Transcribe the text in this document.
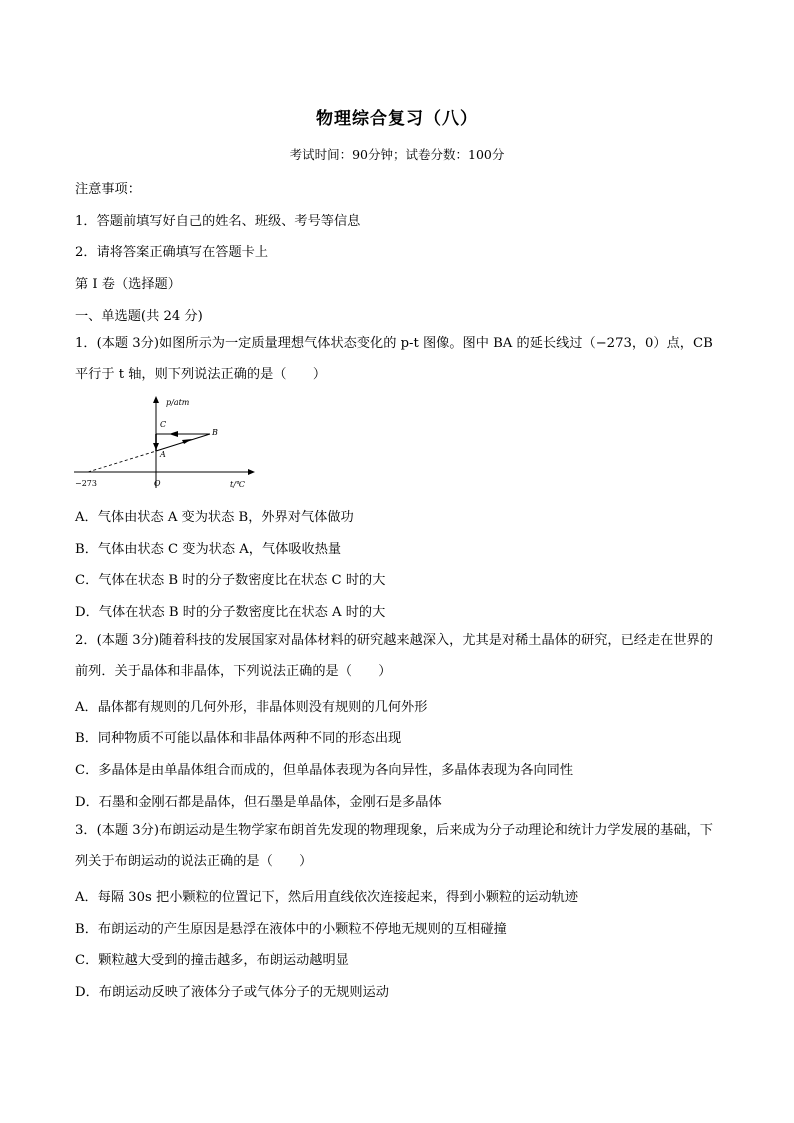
物理综合复习（八）
考试时间：90分钟；试卷分数：100分
注意事项：
1．答题前填写好自己的姓名、班级、考号等信息
2．请将答案正确填写在答题卡上
第 I 卷（选择题）
一、单选题(共 24 分)
1．(本题 3分)如图所示为一定质量理想气体状态变化的 p-t 图像。图中 BA 的延长线过（−273，0）点，CB 平行于 t 轴，则下列说法正确的是（　　）
p/atm
C
B
A
−273	O	t/℃
A．气体由状态 A 变为状态 B，外界对气体做功
B．气体由状态 C 变为状态 A，气体吸收热量
C．气体在状态 B 时的分子数密度比在状态 C 时的大
D．气体在状态 B 时的分子数密度比在状态 A 时的大
2．(本题 3分)随着科技的发展国家对晶体材料的研究越来越深入，尤其是对稀土晶体的研究，已经走在世界的前列．关于晶体和非晶体，下列说法正确的是（　　）
A．晶体都有规则的几何外形，非晶体则没有规则的几何外形
B．同种物质不可能以晶体和非晶体两种不同的形态出现
C．多晶体是由单晶体组合而成的，但单晶体表现为各向异性，多晶体表现为各向同性
D．石墨和金刚石都是晶体，但石墨是单晶体，金刚石是多晶体
3．(本题 3分)布朗运动是生物学家布朗首先发现的物理现象，后来成为分子动理论和统计力学发展的基础，下列关于布朗运动的说法正确的是（　　）
A．每隔 30s 把小颗粒的位置记下，然后用直线依次连接起来，得到小颗粒的运动轨迹
B．布朗运动的产生原因是悬浮在液体中的小颗粒不停地无规则的互相碰撞
C．颗粒越大受到的撞击越多，布朗运动越明显
D．布朗运动反映了液体分子或气体分子的无规则运动
